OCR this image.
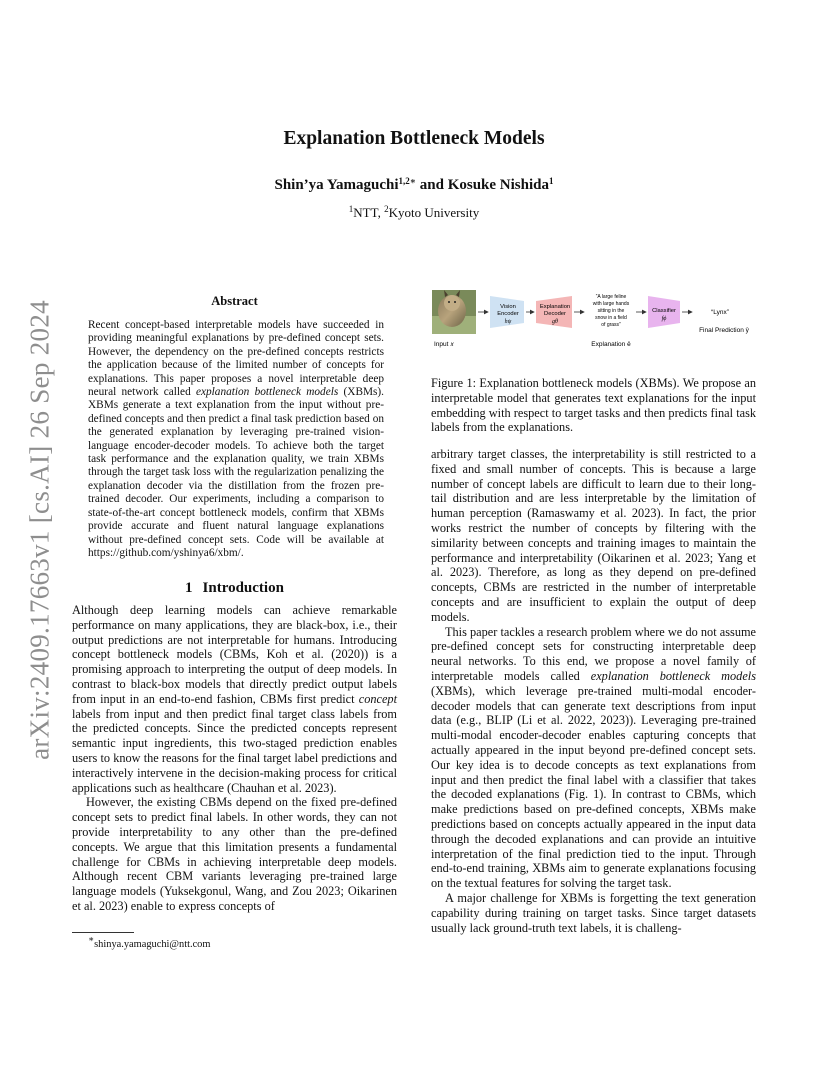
arXiv:2409.17663v1 [cs.AI] 26 Sep 2024
Explanation Bottleneck Models
Shin’ya Yamaguchi$^{1,2∗}$ and Kosuke Nishida$^1$
$^1$NTT, $^2$Kyoto University
Abstract
Recent concept-based interpretable models have succeeded in providing meaningful explanations by pre-defined concept sets. However, the dependency on the pre-defined concepts restricts the application because of the limited number of concepts for explanations. This paper proposes a novel interpretable deep neural network called explanation bottleneck models (XBMs). XBMs generate a text explanation from the input without pre-defined concepts and then predict a final task prediction based on the generated explanation by leveraging pre-trained vision-language encoder-decoder models. To achieve both the target task performance and the explanation quality, we train XBMs through the target task loss with the regularization penalizing the explanation decoder via the distillation from the frozen pre-trained decoder. Our experiments, including a comparison to state-of-the-art concept bottleneck models, confirm that XBMs provide accurate and fluent natural language explanations without pre-defined concept sets. Code will be available at https://github.com/yshinya6/xbm/.
1 Introduction

Although deep learning models can achieve remarkable performance on many applications, they are black-box, i.e., their output predictions are not interpretable for humans. Introducing concept bottleneck models (CBMs, Koh et al. (2020)) is a promising approach to interpreting the output of deep models. In contrast to black-box models that directly predict output labels from input in an end-to-end fashion, CBMs first predict concept labels from input and then predict final target class labels from the predicted concepts. Since the predicted concepts represent semantic input ingredients, this two-staged prediction enables users to know the reasons for the final target label predictions and interactively intervene in the decision-making process for critical applications such as healthcare (Chauhan et al. 2023).

However, the existing CBMs depend on the fixed pre-defined concept sets to predict final labels. In other words, they can not provide interpretability to any other than the pre-defined concepts. We argue that this limitation presents a fundamental challenge for CBMs in achieving interpretable deep models. Although recent CBM variants leveraging pre-trained large language models (Yuksekgonul, Wang, and Zou 2023; Oikarinen et al. 2023) enable to express concepts of

∗shinya.yamaguchi@ntt.com
Input 𝑥
Vision
Encoder
hψ
Explanation
Decoder
gθ
“A large feline
with large hands
sitting in the
snow in a field
of grass”
Explanation ê
Classifier
fϕ
“Lynx”
Final Prediction ŷ
Figure 1: Explanation bottleneck models (XBMs). We propose an interpretable model that generates text explanations for the input embedding with respect to target tasks and then predicts final task labels from the explanations.

arbitrary target classes, the interpretability is still restricted to a fixed and small number of concepts. This is because a large number of concept labels are difficult to learn due to their long-tail distribution and are less interpretable by the limitation of human perception (Ramaswamy et al. 2023). In fact, the prior works restrict the number of concepts by filtering with the similarity between concepts and training images to maintain the performance and interpretability (Oikarinen et al. 2023; Yang et al. 2023). Therefore, as long as they depend on pre-defined concepts, CBMs are restricted in the number of interpretable concepts and are insufficient to explain the output of deep models.

This paper tackles a research problem where we do not assume pre-defined concept sets for constructing interpretable deep neural networks. To this end, we propose a novel family of interpretable models called explanation bottleneck models (XBMs), which leverage pre-trained multi-modal encoder-decoder models that can generate text descriptions from input data (e.g., BLIP (Li et al. 2022, 2023)). Leveraging pre-trained multi-modal encoder-decoder enables capturing concepts that actually appeared in the input beyond pre-defined concept sets. Our key idea is to decode concepts as text explanations from input and then predict the final label with a classifier that takes the decoded explanations (Fig. 1). In contrast to CBMs, which make predictions based on pre-defined concepts, XBMs make predictions based on concepts actually appeared in the input data through the decoded explanations and can provide an intuitive interpretation of the final prediction tied to the input. Through end-to-end training, XBMs aim to generate explanations focusing on the textual features for solving the target task.

A major challenge for XBMs is forgetting the text generation capability during training on target tasks. Since target datasets usually lack ground-truth text labels, it is challeng-
